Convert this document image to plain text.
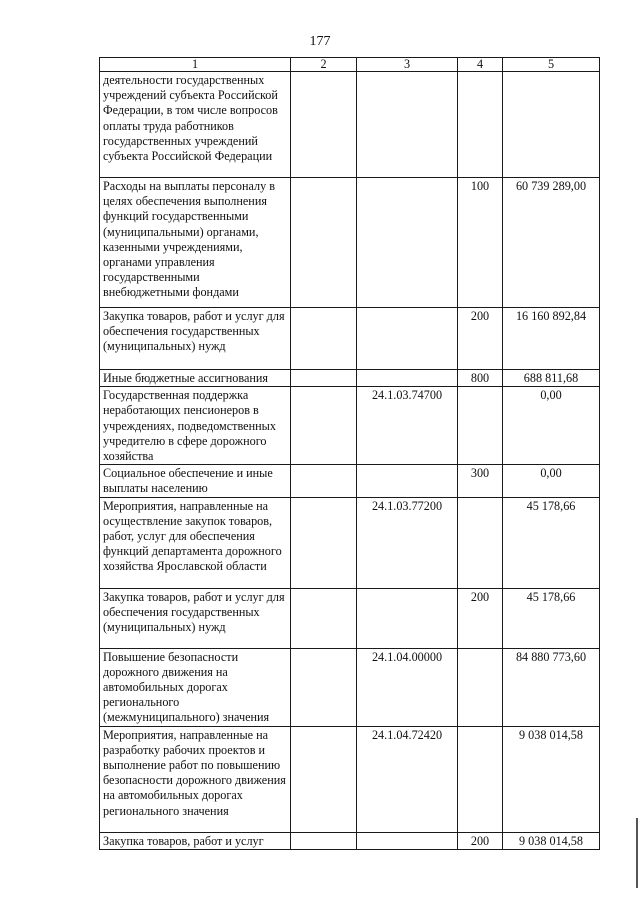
177
1	2	3	4	5
деятельности государственных учреждений субъекта Российской Федерации, в том числе вопросов оплаты труда работников государственных учреждений субъекта Российской Федерации				
Расходы на выплаты персоналу в целях обеспечения выполнения функций государственными (муниципальными) органами, казенными учреждениями, органами управления государственными внебюджетными фондами			100	60 739 289,00
Закупка товаров, работ и услуг для обеспечения государственных (муниципальных) нужд			200	16 160 892,84
Иные бюджетные ассигнования			800	688 811,68
Государственная поддержка неработающих пенсионеров в учреждениях, подведомственных учредителю в сфере дорожного хозяйства		24.1.03.74700		0,00
Социальное обеспечение и иные выплаты населению			300	0,00
Мероприятия, направленные на осуществление закупок товаров, работ, услуг для обеспечения функций департамента дорожного хозяйства Ярославской области		24.1.03.77200		45 178,66
Закупка товаров, работ и услуг для обеспечения государственных (муниципальных) нужд			200	45 178,66
Повышение безопасности дорожного движения на автомобильных дорогах регионального (межмуниципального) значения		24.1.04.00000		84 880 773,60
Мероприятия, направленные на разработку рабочих проектов и выполнение работ по повышению безопасности дорожного движения на автомобильных дорогах регионального значения		24.1.04.72420		9 038 014,58
Закупка товаров, работ и услуг			200	9 038 014,58
